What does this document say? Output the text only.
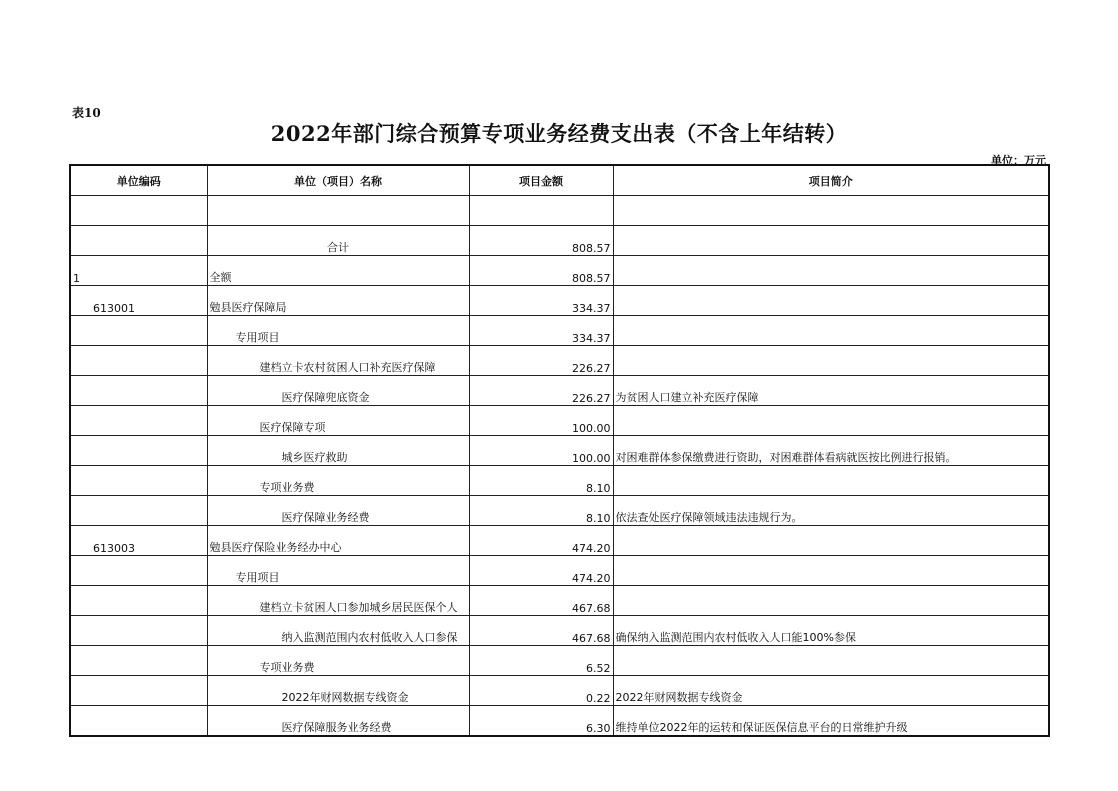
表10
2022年部门综合预算专项业务经费支出表（不含上年结转）
单位：万元
单位编码	单位（项目）名称	项目金额	项目简介

	合计	808.57	
1	全额	808.57	
613001	勉县医疗保障局	334.37	
	专用项目	334.37	
	建档立卡农村贫困人口补充医疗保障	226.27	
	医疗保障兜底资金	226.27	为贫困人口建立补充医疗保障
	医疗保障专项	100.00	
	城乡医疗救助	100.00	对困难群体参保缴费进行资助，对困难群体看病就医按比例进行报销。
	专项业务费	8.10	
	医疗保障业务经费	8.10	依法查处医疗保障领域违法违规行为。
613003	勉县医疗保险业务经办中心	474.20	
	专用项目	474.20	
	建档立卡贫困人口参加城乡居民医保个人	467.68	
	纳入监测范围内农村低收入人口参保	467.68	确保纳入监测范围内农村低收入人口能100%参保
	专项业务费	6.52	
	2022年财网数据专线资金	0.22	2022年财网数据专线资金
	医疗保障服务业务经费	6.30	维持单位2022年的运转和保证医保信息平台的日常维护升级
